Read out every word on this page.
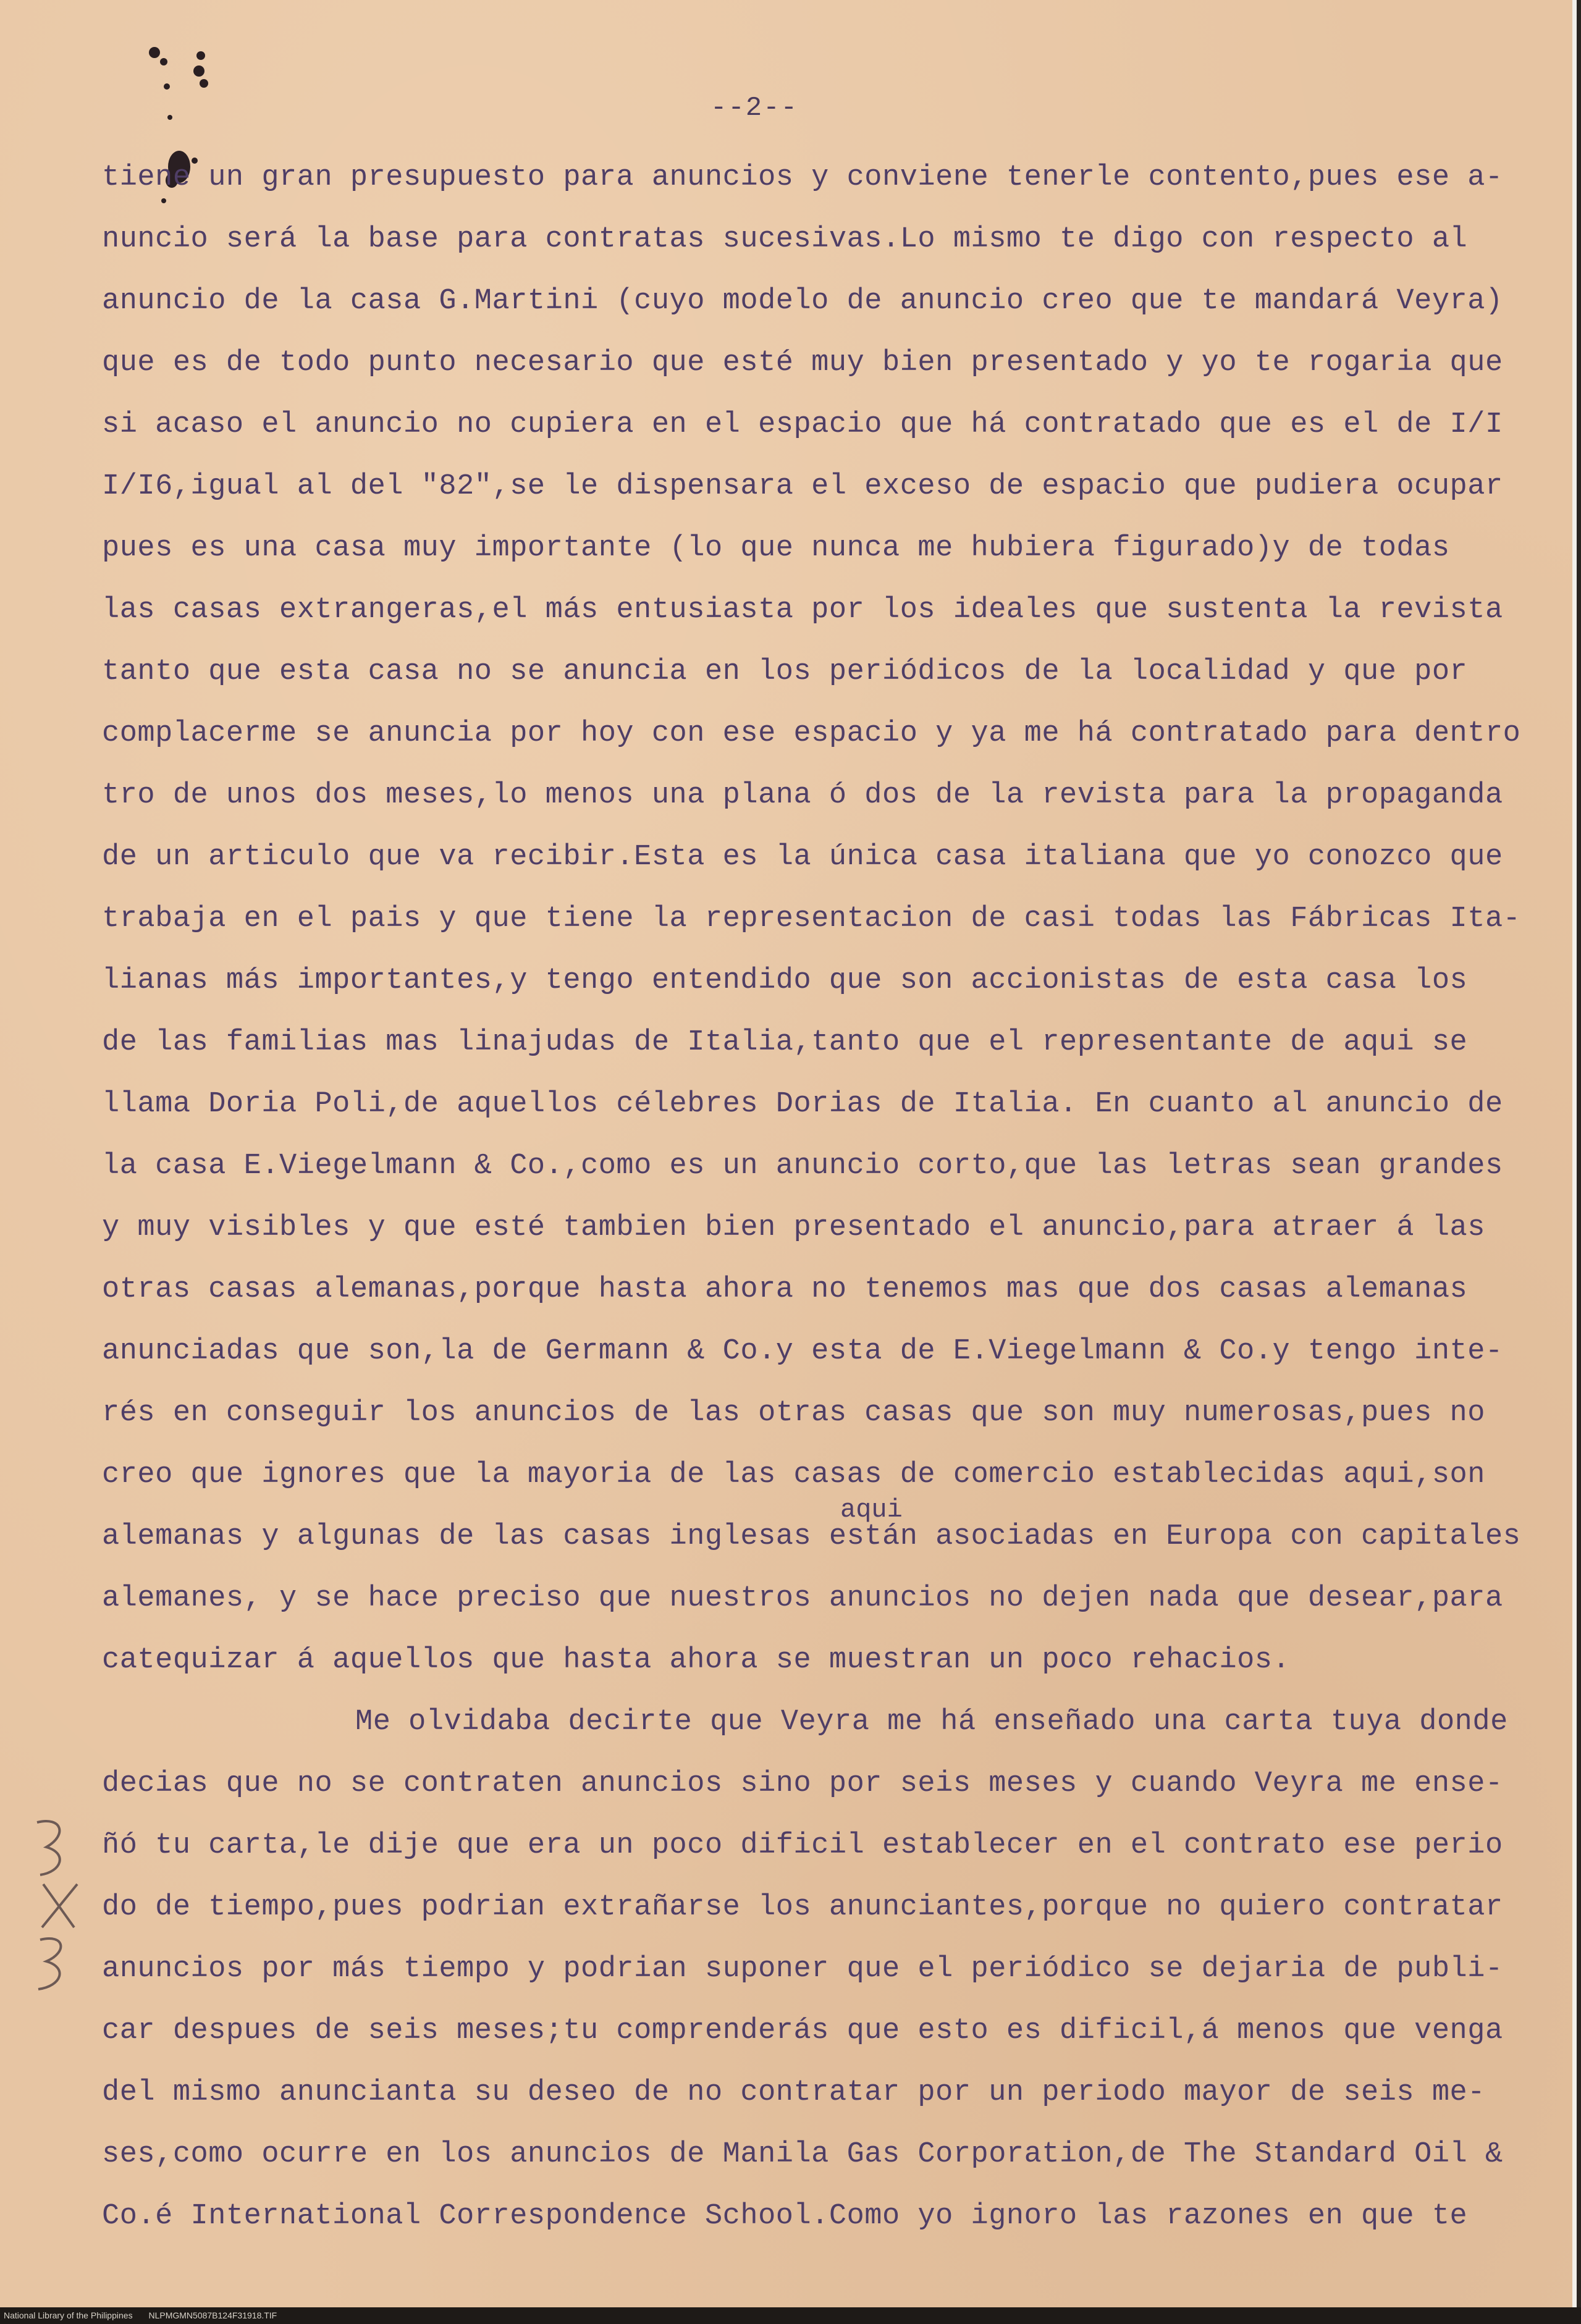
--2--
tiene un gran presupuesto para anuncios y conviene tenerle contento,pues ese a-
nuncio será la base para contratas sucesivas.Lo mismo te digo con respecto al
anuncio de la casa G.Martini (cuyo modelo de anuncio creo que te mandará Veyra)
que es de todo punto necesario que esté muy bien presentado y yo te rogaria que
si acaso el anuncio no cupiera en el espacio que há contratado que es el de I/I
I/I6,igual al del "82",se le dispensara el exceso de espacio que pudiera ocupar
pues es una casa muy importante (lo que nunca me hubiera figurado)y de todas
las casas extrangeras,el más entusiasta por los ideales que sustenta la revista
tanto que esta casa no se anuncia en los periódicos de la localidad y que por
complacerme se anuncia por hoy con ese espacio y ya me há contratado para dentro
tro de unos dos meses,lo menos una plana ó dos de la revista para la propaganda
de un articulo que va recibir.Esta es la única casa italiana que yo conozco que
trabaja en el pais y que tiene la representacion de casi todas las Fábricas Ita-
lianas más importantes,y tengo entendido que son accionistas de esta casa los
de las familias mas linajudas de Italia,tanto que el representante de aqui se
llama Doria Poli,de aquellos célebres Dorias de Italia. En cuanto al anuncio de
la casa E.Viegelmann & Co.,como es un anuncio corto,que las letras sean grandes
y muy visibles y que esté tambien bien presentado el anuncio,para atraer á las
otras casas alemanas,porque hasta ahora no tenemos mas que dos casas alemanas
anunciadas que son,la de Germann & Co.y esta de E.Viegelmann & Co.y tengo inte-
rés en conseguir los anuncios de las otras casas que son muy numerosas,pues no
creo que ignores que la mayoria de las casas de comercio establecidas aqui,son
alemanas y algunas de las casas inglesas están asociadas en Europa con capitales
alemanes, y se hace preciso que nuestros anuncios no dejen nada que desear,para
catequizar á aquellos que hasta ahora se muestran un poco rehacios.
Me olvidaba decirte que Veyra me há enseñado una carta tuya donde
decias que no se contraten anuncios sino por seis meses y cuando Veyra me ense-
ñó tu carta,le dije que era un poco dificil establecer en el contrato ese perio
do de tiempo,pues podrian extrañarse los anunciantes,porque no quiero contratar
anuncios por más tiempo y podrian suponer que el periódico se dejaria de publi-
car despues de seis meses;tu comprenderás que esto es dificil,á menos que venga
del mismo anuncianta su deseo de no contratar por un periodo mayor de seis me-
ses,como ocurre en los anuncios de Manila Gas Corporation,de The Standard Oil &
Co.é International Correspondence School.Como yo ignoro las razones en que te
aqui
National Library of the Philippines NLPMGMN5087B124F31918.TIF
